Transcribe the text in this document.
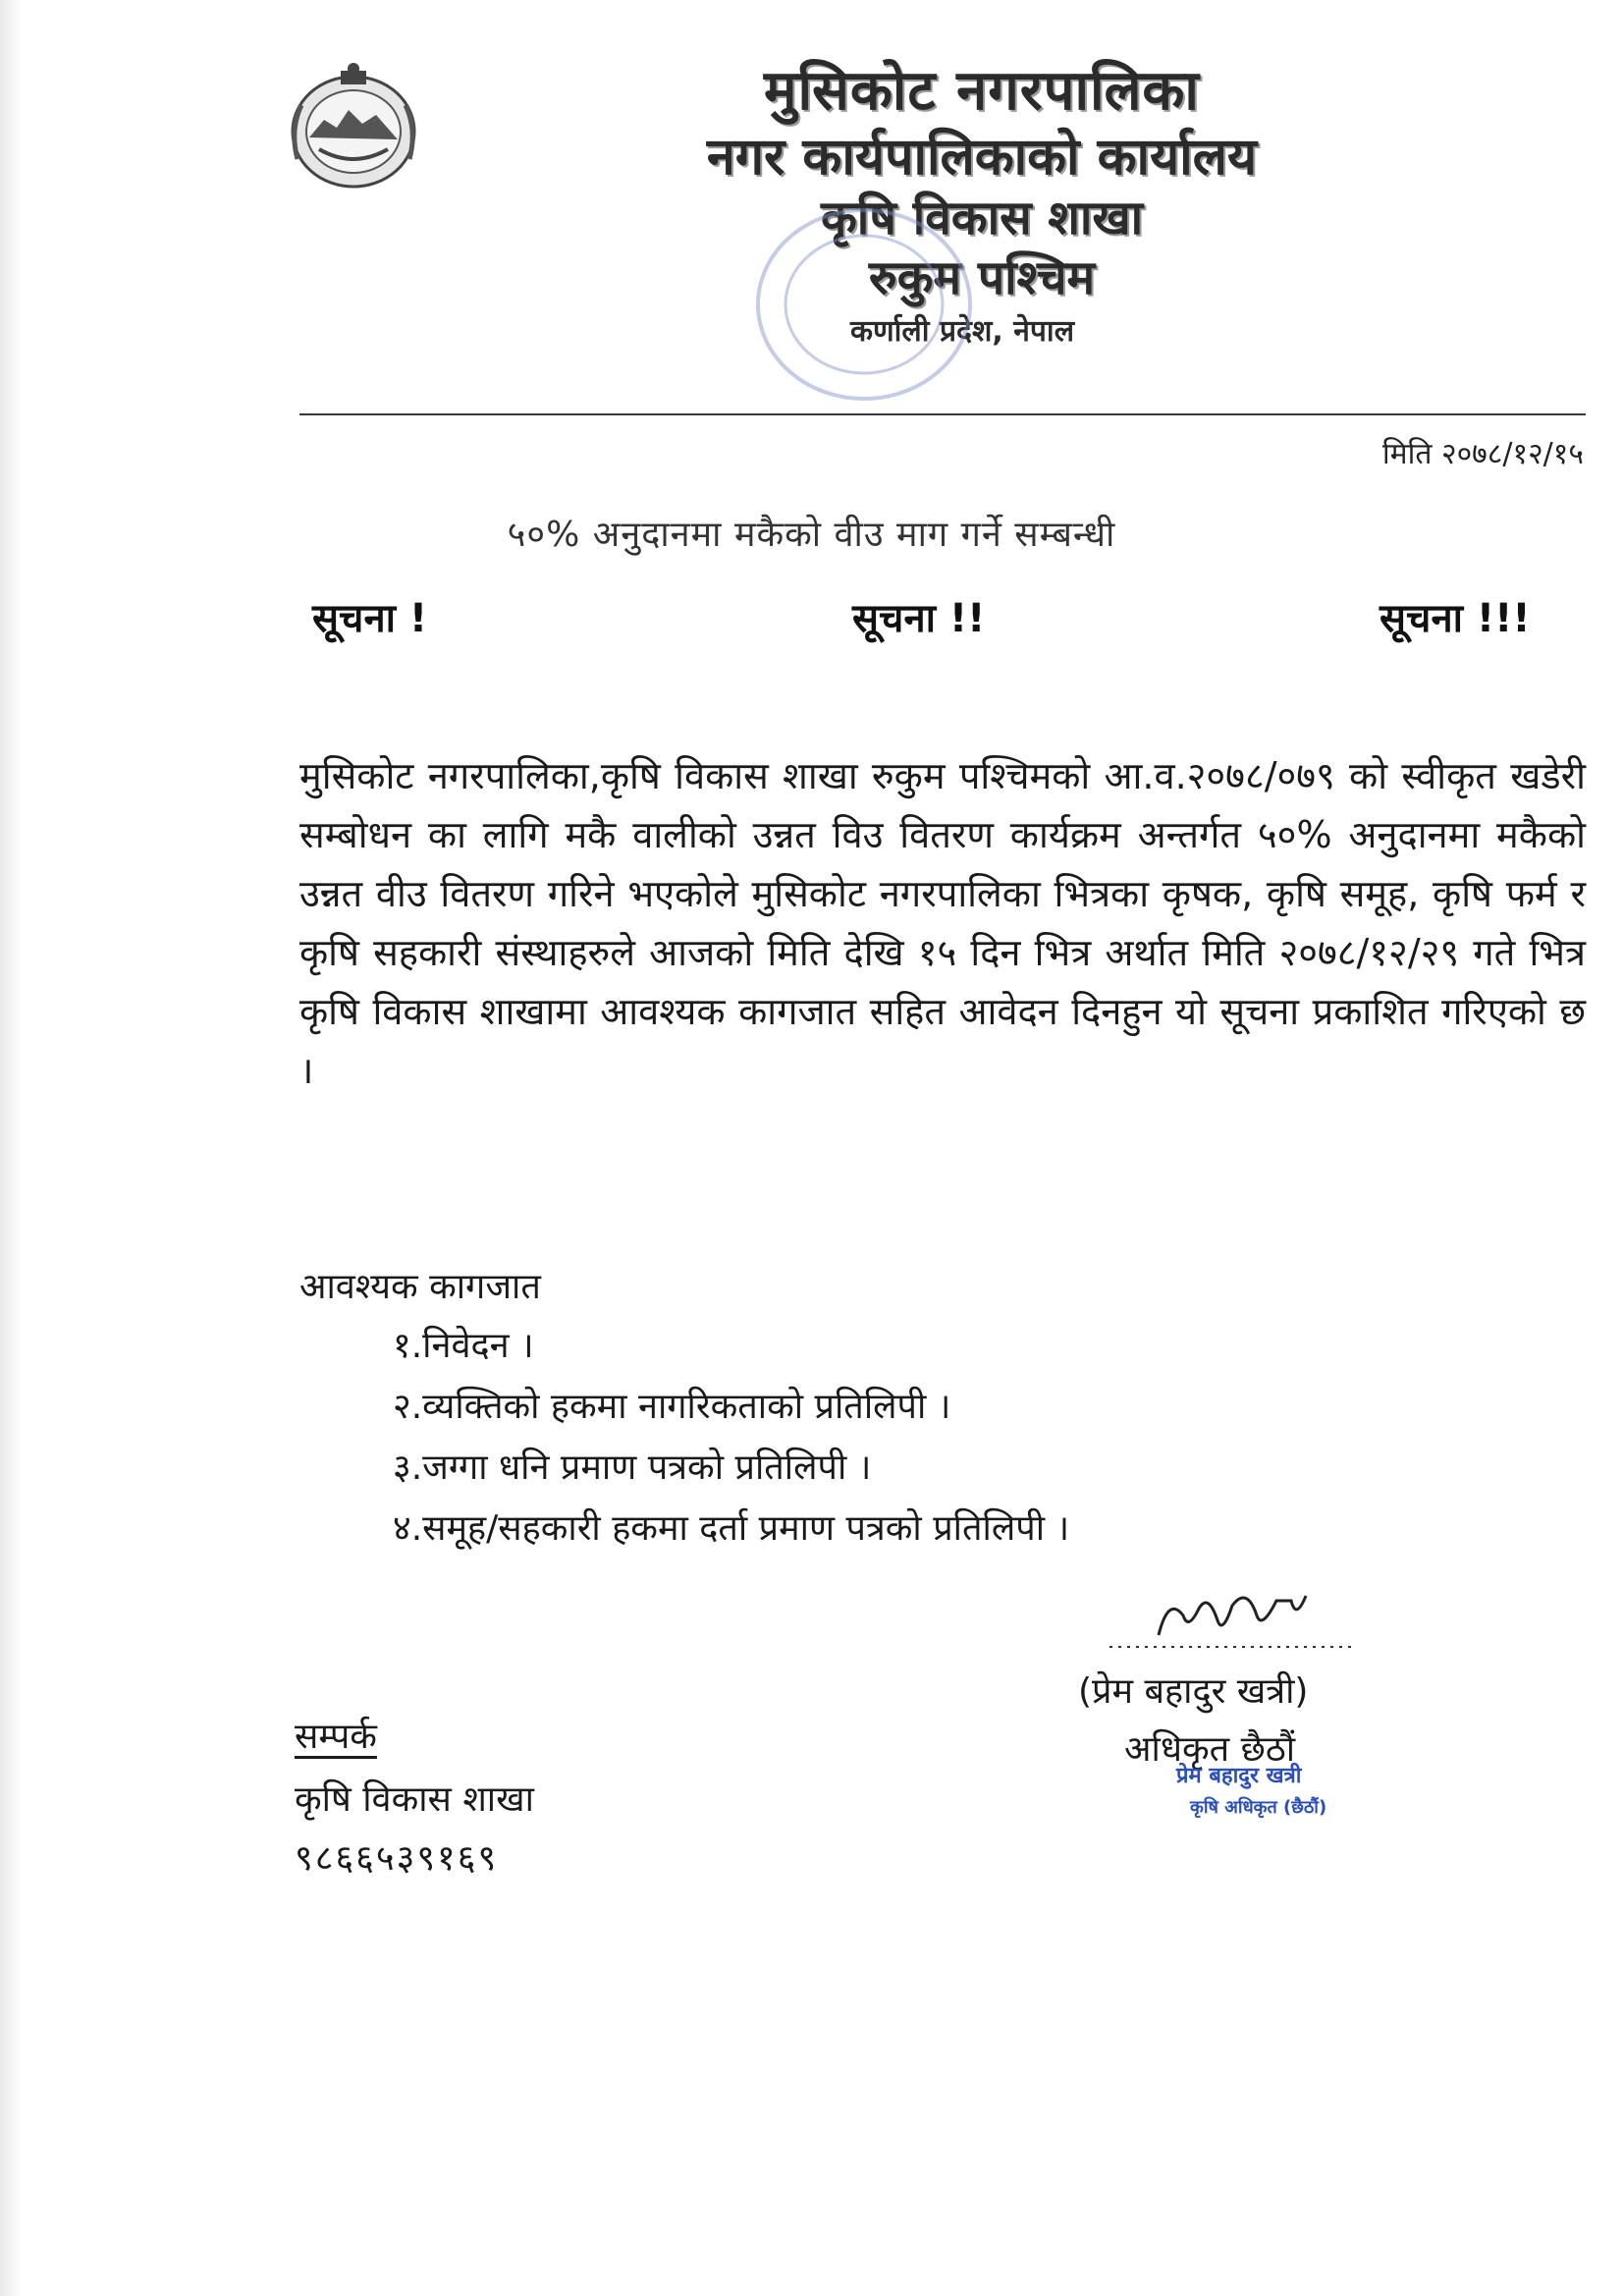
मुसिकोट नगरपालिका
नगर कार्यपालिकाको कार्यालय
कृषि विकास शाखा
रुकुम पश्चिम
कर्णाली प्रदेश, नेपाल
मिति २०७८/१२/१५
५०% अनुदानमा मकैको वीउ माग गर्ने सम्बन्धी
सूचना !	सूचना !!	सूचना !!!
मुसिकोट नगरपालिका,कृषि विकास शाखा रुकुम पश्चिमको आ.व.२०७८/०७९ को स्वीकृत खडेरी सम्बोधन का लागि मकै वालीको उन्नत विउ वितरण कार्यक्रम अन्तर्गत ५०% अनुदानमा मकैको उन्नत वीउ वितरण गरिने भएकोले मुसिकोट नगरपालिका भित्रका कृषक, कृषि समूह, कृषि फर्म र कृषि सहकारी संस्थाहरुले आजको मिति देखि १५ दिन भित्र अर्थात मिति २०७८/१२/२९ गते भित्र कृषि विकास शाखामा आवश्यक कागजात सहित आवेदन दिनहुन यो सूचना प्रकाशित गरिएको छ ।
आवश्यक कागजात
१.निवेदन ।
२.व्यक्तिको हकमा नागरिकताको प्रतिलिपी ।
३.जग्गा धनि प्रमाण पत्रको प्रतिलिपी ।
४.समूह/सहकारी हकमा दर्ता प्रमाण पत्रको प्रतिलिपी ।
(प्रेम बहादुर खत्री)
अधिकृत छैठौं
प्रेम बहादुर खत्री
कृषि अधिकृत (छैठौं)
सम्पर्क
कृषि विकास शाखा
९८६६५३९१६९
